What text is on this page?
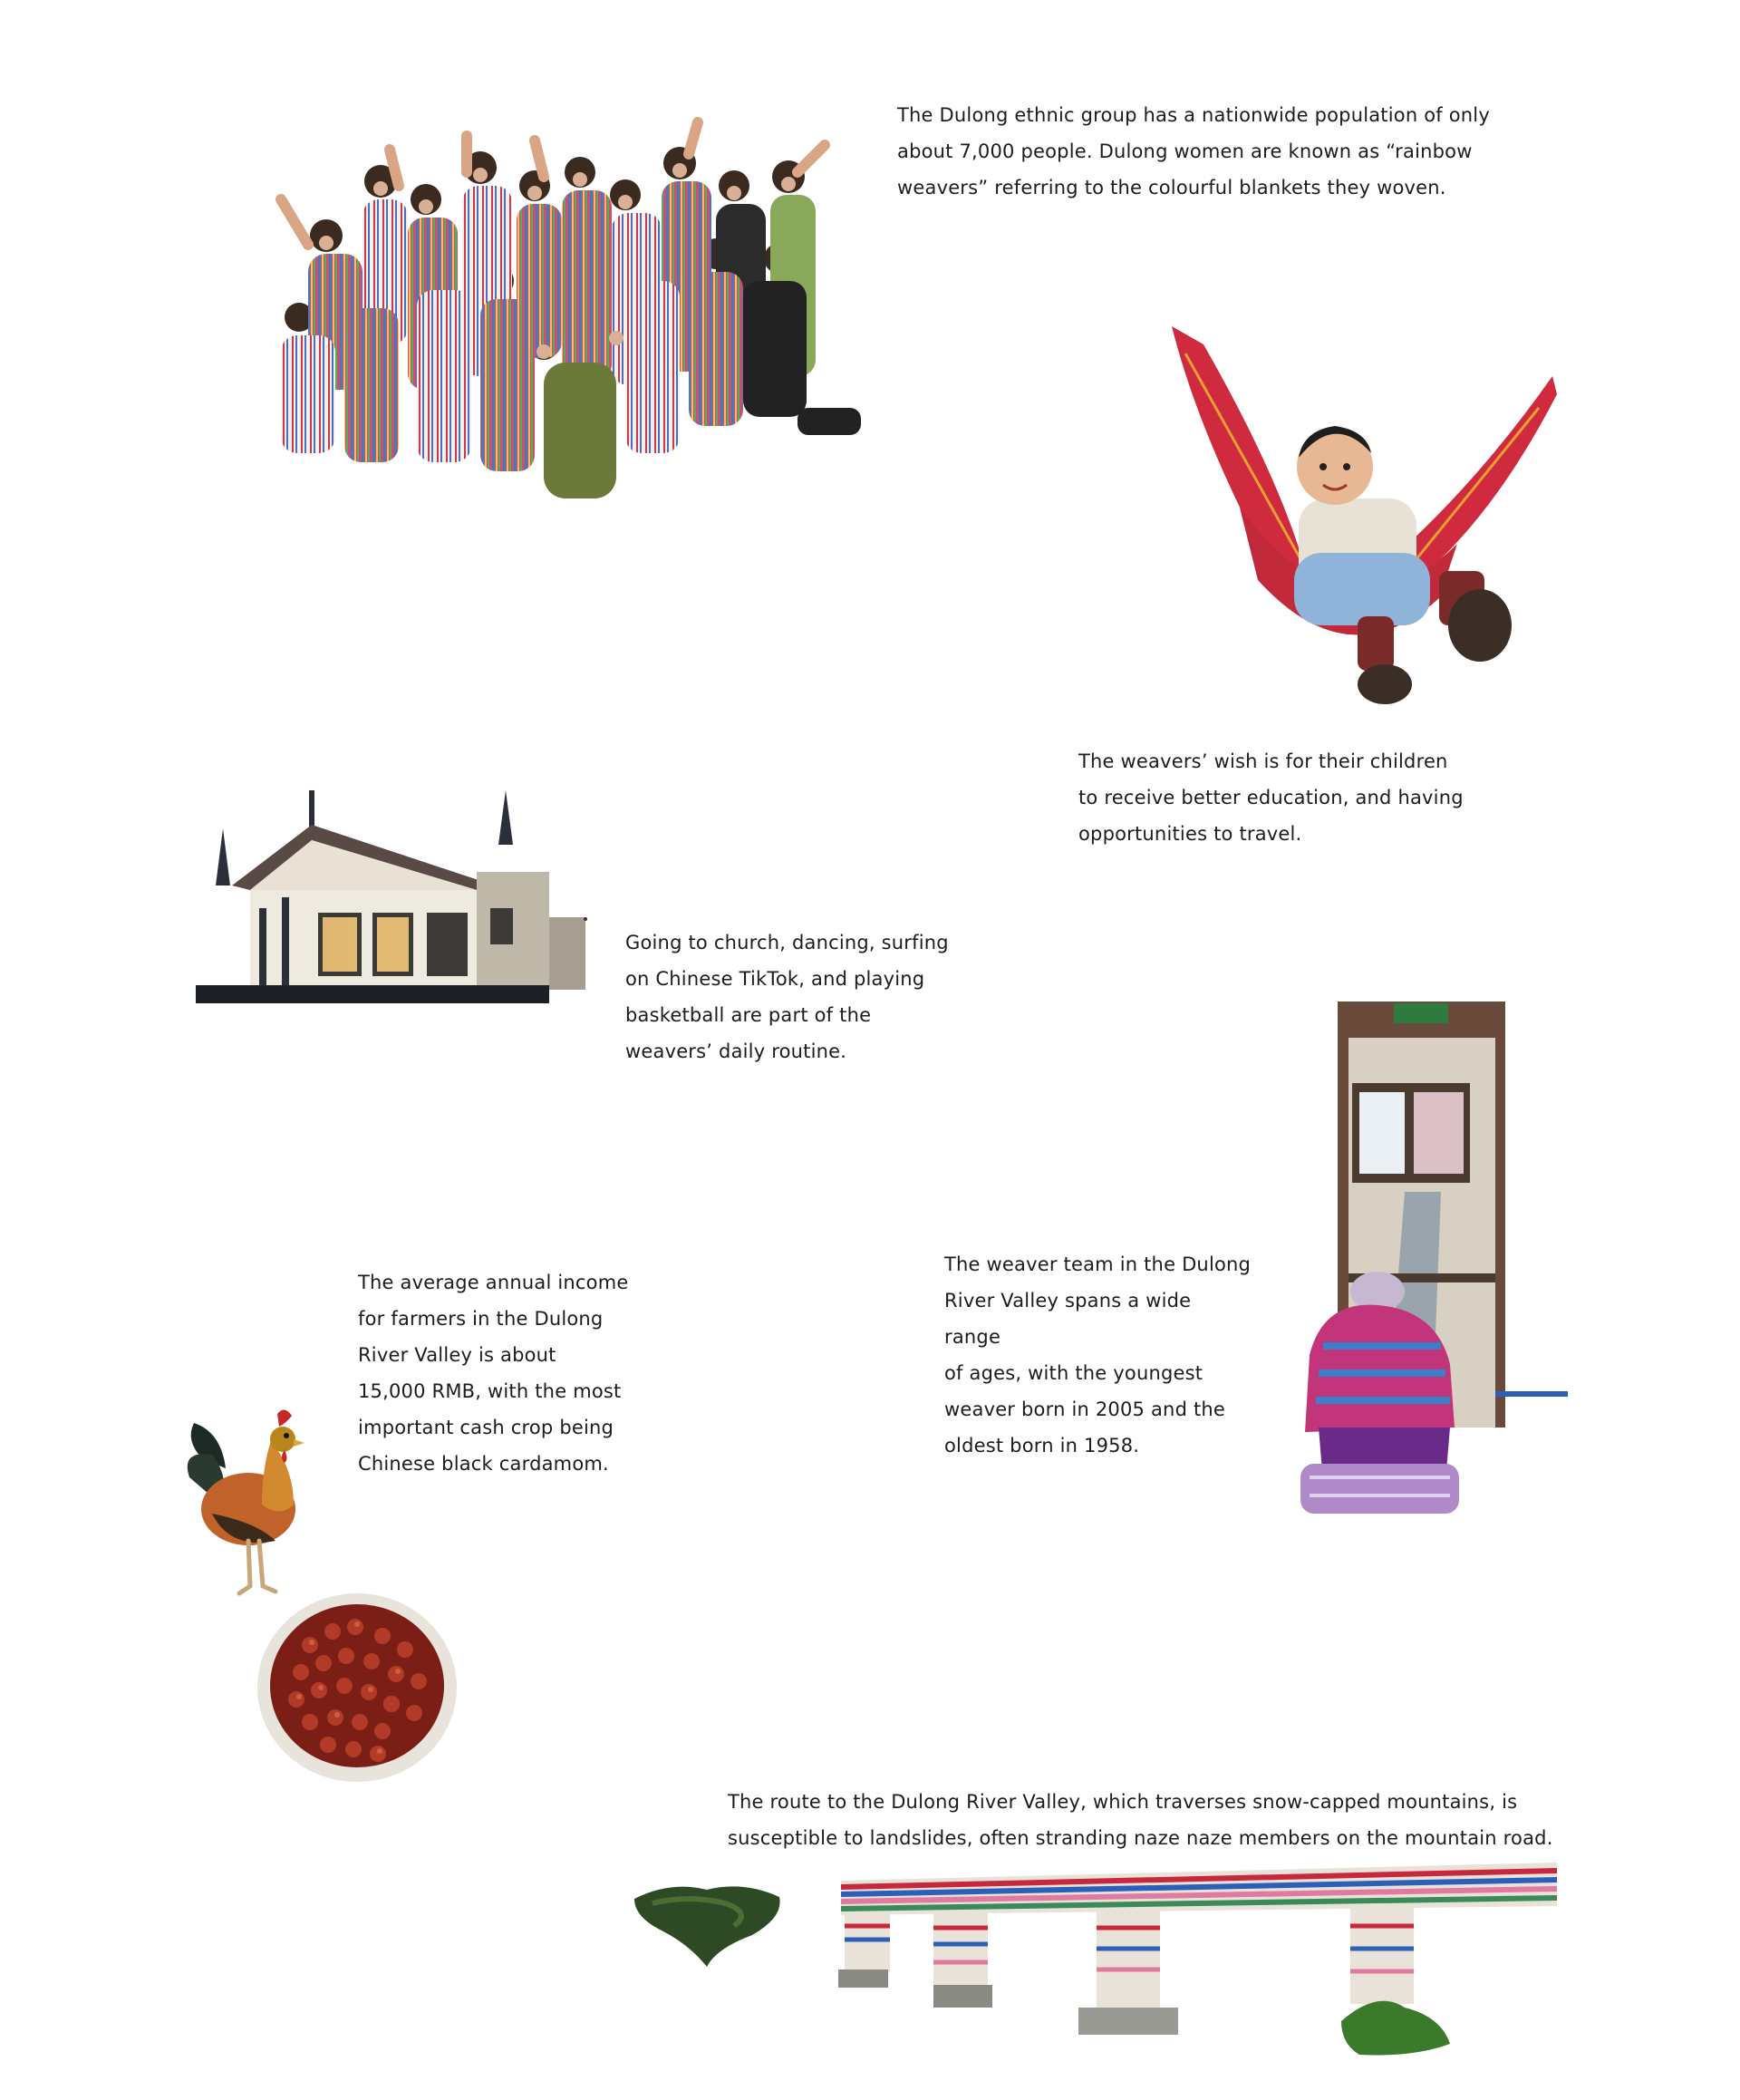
The Dulong ethnic group has a nationwide population of only
about 7,000 people. Dulong women are known as “rainbow
weavers” referring to the colourful blankets they woven.
The weavers’ wish is for their children
to receive better education, and having
opportunities to travel.
Going to church, dancing, surfing
on Chinese TikTok, and playing
basketball are part of the
weavers’ daily routine.
The weaver team in the Dulong
River Valley spans a wide range
of ages, with the youngest
weaver born in 2005 and the
oldest born in 1958.
The average annual income
for farmers in the Dulong
River Valley is about
15,000 RMB, with the most
important cash crop being
Chinese black cardamom.
The route to the Dulong River Valley, which traverses snow-capped mountains, is
susceptible to landslides, often stranding naze naze members on the mountain road.
